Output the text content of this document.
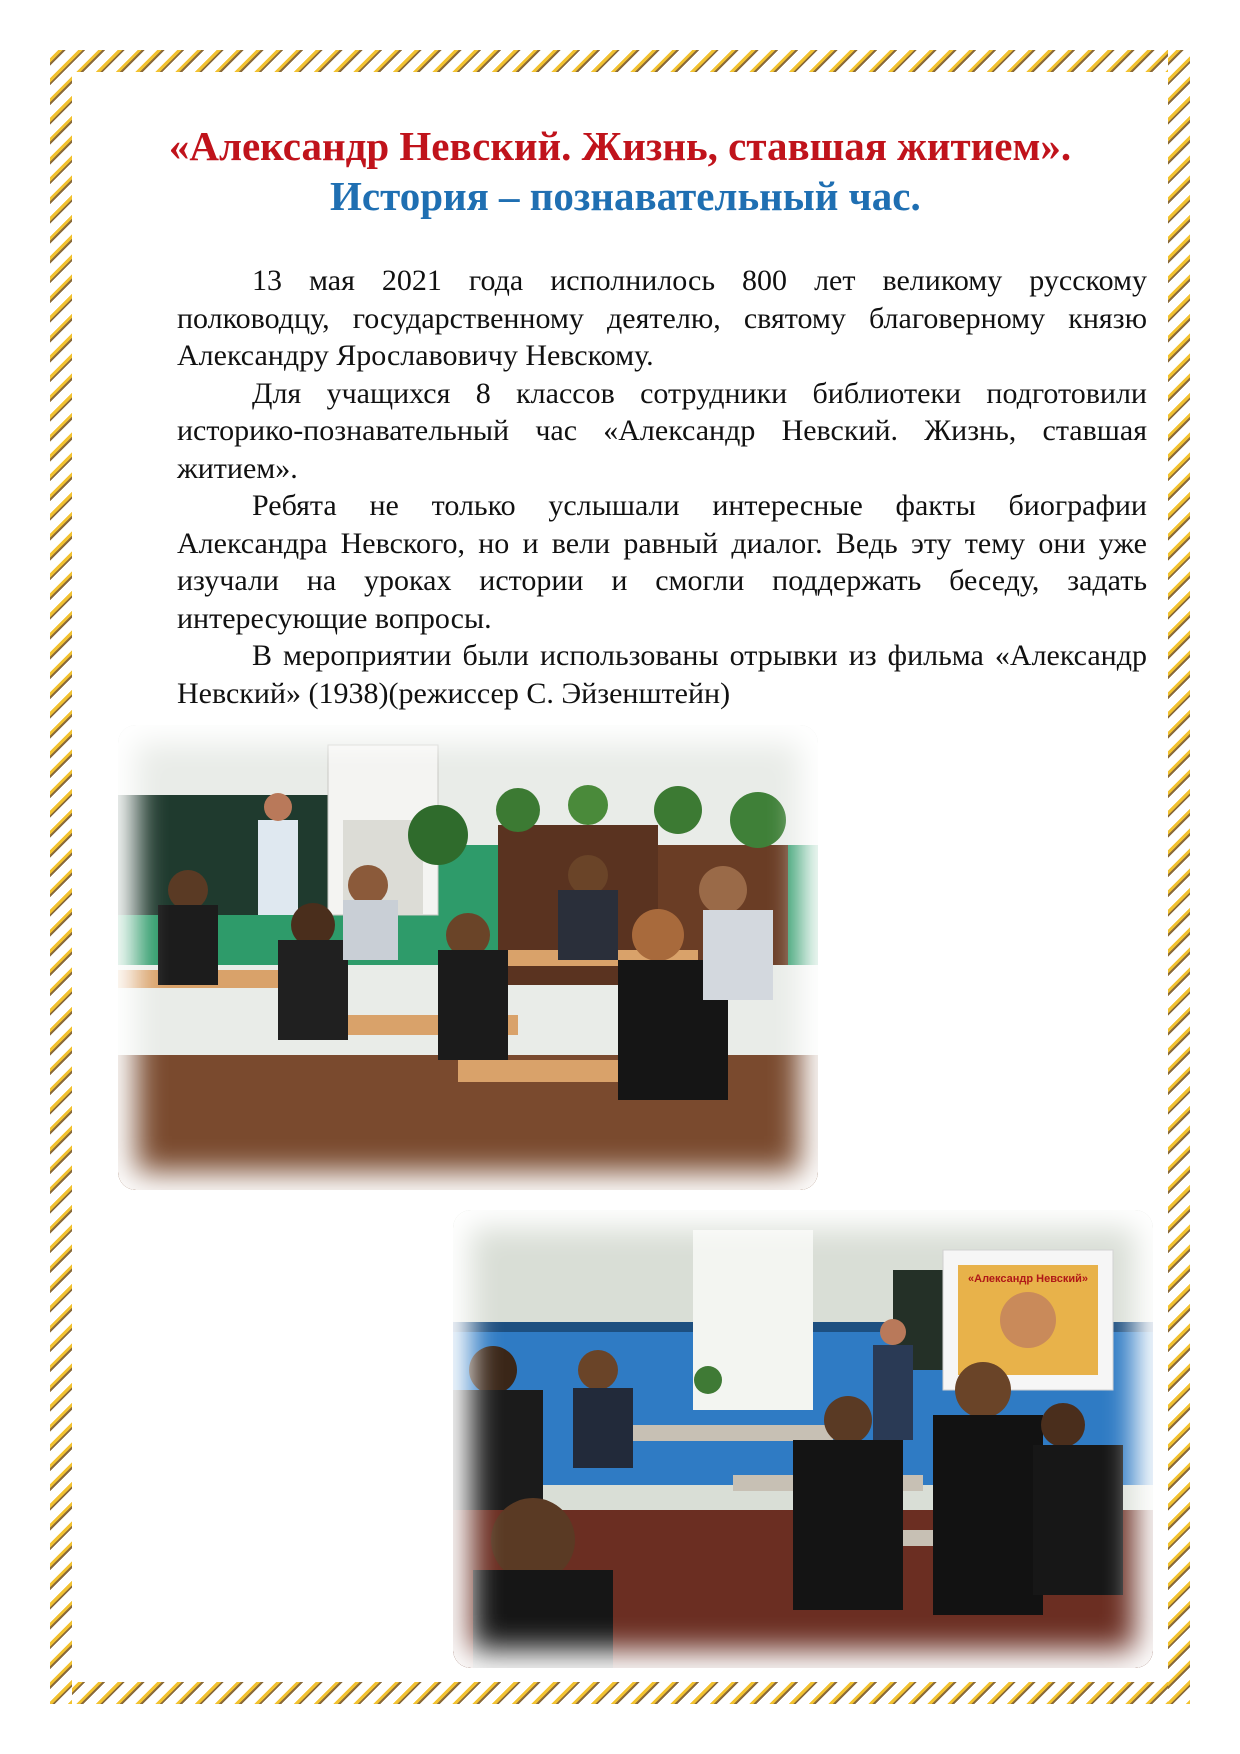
«Александр Невский. Жизнь, ставшая житием».
История – познавательный час.

13 мая 2021 года исполнилось 800 лет великому русскому полководцу, государственному деятелю, святому благоверному князю Александру Ярославовичу Невскому.

Для учащихся 8 классов сотрудники библиотеки подготовили историко-познавательный час «Александр Невский. Жизнь, ставшая житием».

Ребята не только услышали интересные факты биографии Александра Невского, но и вели равный диалог. Ведь эту тему они уже изучали на уроках истории и смогли поддержать беседу, задать интересующие вопросы.

В мероприятии были использованы отрывки из фильма «Александр Невский» (1938)(режиссер С. Эйзенштейн)

«Александр Невский»
